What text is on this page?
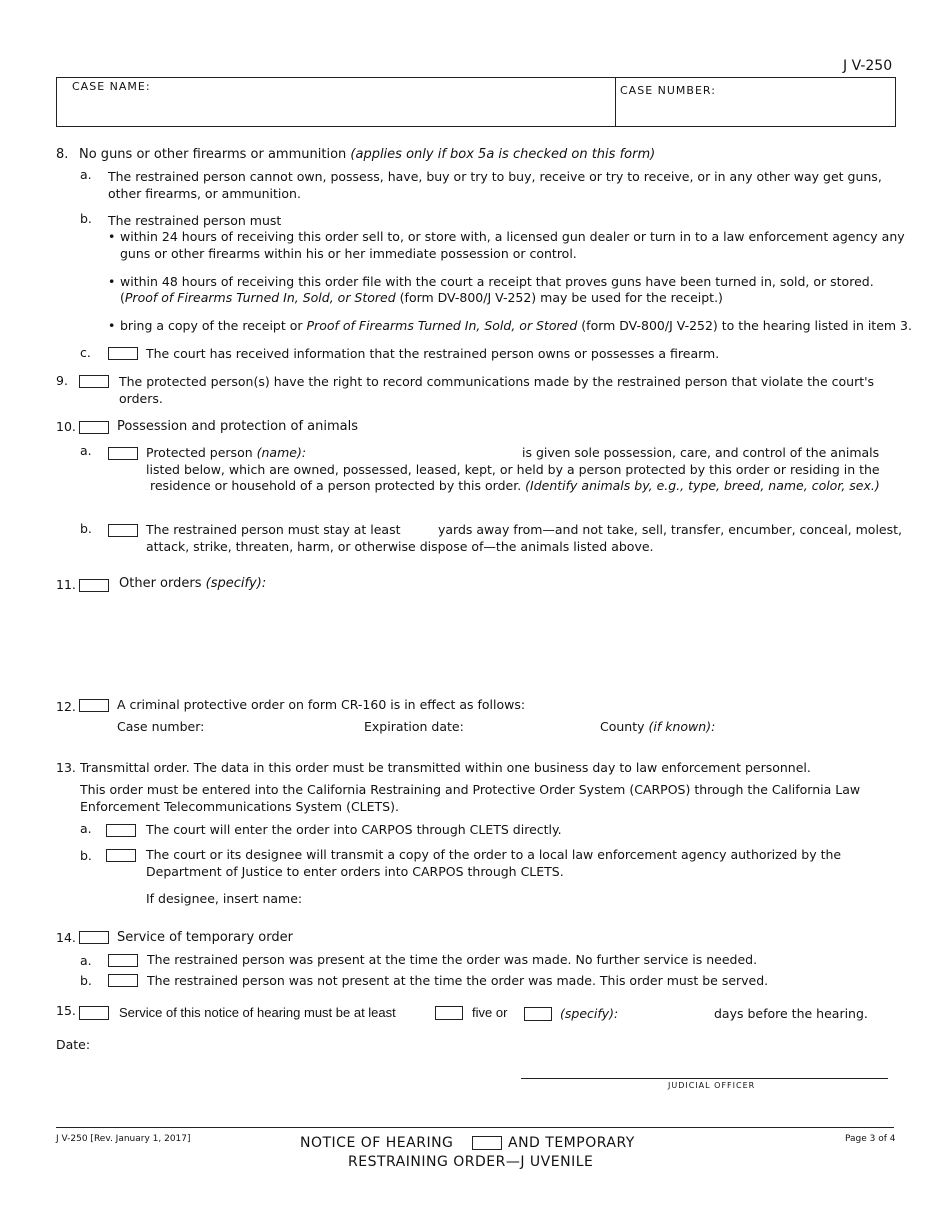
J V-250
CASE NAME:	CASE NUMBER:
8. No guns or other firearms or ammunition (applies only if box 5a is checked on this form)
a. The restrained person cannot own, possess, have, buy or try to buy, receive or try to receive, or in any other way get guns,
other firearms, or ammunition.
b. The restrained person must
• within 24 hours of receiving this order sell to, or store with, a licensed gun dealer or turn in to a law enforcement agency any
guns or other firearms within his or her immediate possession or control.
• within 48 hours of receiving this order file with the court a receipt that proves guns have been turned in, sold, or stored.
(Proof of Firearms Turned In, Sold, or Stored (form DV-800/J V-252) may be used for the receipt.)
• bring a copy of the receipt or Proof of Firearms Turned In, Sold, or Stored (form DV-800/J V-252) to the hearing listed in item 3.
c.	The court has received information that the restrained person owns or possesses a firearm.
9.	The protected person(s) have the right to record communications made by the restrained person that violate the court's
orders.
10.	Possession and protection of animals
a.	Protected person (name):	is given sole possession, care, and control of the animals
listed below, which are owned, possessed, leased, kept, or held by a person protected by this order or residing in the
residence or household of a person protected by this order. (Identify animals by, e.g., type, breed, name, color, sex.)
b.	The restrained person must stay at least	yards away from—and not take, sell, transfer, encumber, conceal, molest,
attack, strike, threaten, harm, or otherwise dispose of—the animals listed above.
11.	Other orders (specify):
12.	A criminal protective order on form CR-160 is in effect as follows:
Case number:	Expiration date:	County (if known):
13. Transmittal order. The data in this order must be transmitted within one business day to law enforcement personnel.
This order must be entered into the California Restraining and Protective Order System (CARPOS) through the California Law
Enforcement Telecommunications System (CLETS).
a.	The court will enter the order into CARPOS through CLETS directly.
b.	The court or its designee will transmit a copy of the order to a local law enforcement agency authorized by the
Department of Justice to enter orders into CARPOS through CLETS.
If designee, insert name:
14.	Service of temporary order
a.	The restrained person was present at the time the order was made. No further service is needed.
b.	The restrained person was not present at the time the order was made. This order must be served.
15.	Service of this notice of hearing must be at least	five or	(specify):	days before the hearing.
Date:
JUDICIAL OFFICER
J V-250 [Rev. January 1, 2017]	NOTICE OF HEARING	AND TEMPORARY
RESTRAINING ORDER—J UVENILE
Page 3 of 4
